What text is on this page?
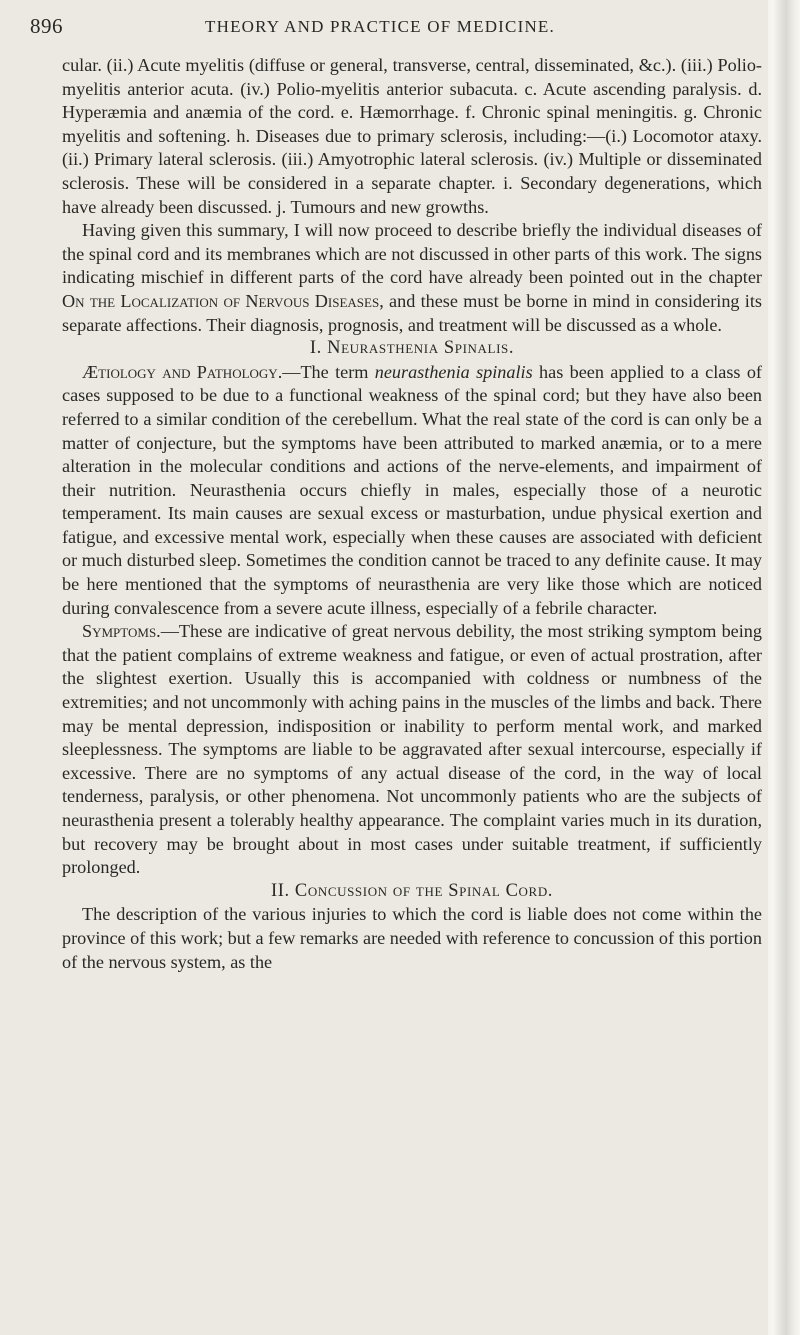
896	THEORY AND PRACTICE OF MEDICINE.

cular. (ii.) Acute myelitis (diffuse or general, transverse, central, disseminated, &c.). (iii.) Polio-myelitis anterior acuta. (iv.) Polio-myelitis anterior subacuta. c. Acute ascending paralysis. d. Hyperæmia and anæmia of the cord. e. Hæmorrhage. f. Chronic spinal meningitis. g. Chronic myelitis and softening. h. Diseases due to primary sclerosis, including:—(i.) Locomotor ataxy. (ii.) Primary lateral sclerosis. (iii.) Amyotrophic lateral sclerosis. (iv.) Multiple or disseminated sclerosis. These will be considered in a separate chapter. i. Secondary degenerations, which have already been discussed. j. Tumours and new growths.

Having given this summary, I will now proceed to describe briefly the individual diseases of the spinal cord and its membranes which are not discussed in other parts of this work. The signs indicating mischief in different parts of the cord have already been pointed out in the chapter On the Localization of Nervous Diseases, and these must be borne in mind in considering its separate affections. Their diagnosis, prognosis, and treatment will be discussed as a whole.

I. Neurasthenia Spinalis.

Ætiology and Pathology.—The term neurasthenia spinalis has been applied to a class of cases supposed to be due to a functional weakness of the spinal cord; but they have also been referred to a similar condition of the cerebellum. What the real state of the cord is can only be a matter of conjecture, but the symptoms have been attributed to marked anæmia, or to a mere alteration in the molecular conditions and actions of the nerve-elements, and impairment of their nutrition. Neurasthenia occurs chiefly in males, especially those of a neurotic temperament. Its main causes are sexual excess or masturbation, undue physical exertion and fatigue, and excessive mental work, especially when these causes are associated with deficient or much disturbed sleep. Sometimes the condition cannot be traced to any definite cause. It may be here mentioned that the symptoms of neurasthenia are very like those which are noticed during convalescence from a severe acute illness, especially of a febrile character.

Symptoms.—These are indicative of great nervous debility, the most striking symptom being that the patient complains of extreme weakness and fatigue, or even of actual prostration, after the slightest exertion. Usually this is accompanied with coldness or numbness of the extremities; and not uncommonly with aching pains in the muscles of the limbs and back. There may be mental depression, indisposition or inability to perform mental work, and marked sleeplessness. The symptoms are liable to be aggravated after sexual intercourse, especially if excessive. There are no symptoms of any actual disease of the cord, in the way of local tenderness, paralysis, or other phenomena. Not uncommonly patients who are the subjects of neurasthenia present a tolerably healthy appearance. The complaint varies much in its duration, but recovery may be brought about in most cases under suitable treatment, if sufficiently prolonged.

II. Concussion of the Spinal Cord.

The description of the various injuries to which the cord is liable does not come within the province of this work; but a few remarks are needed with reference to concussion of this portion of the nervous system, as the
